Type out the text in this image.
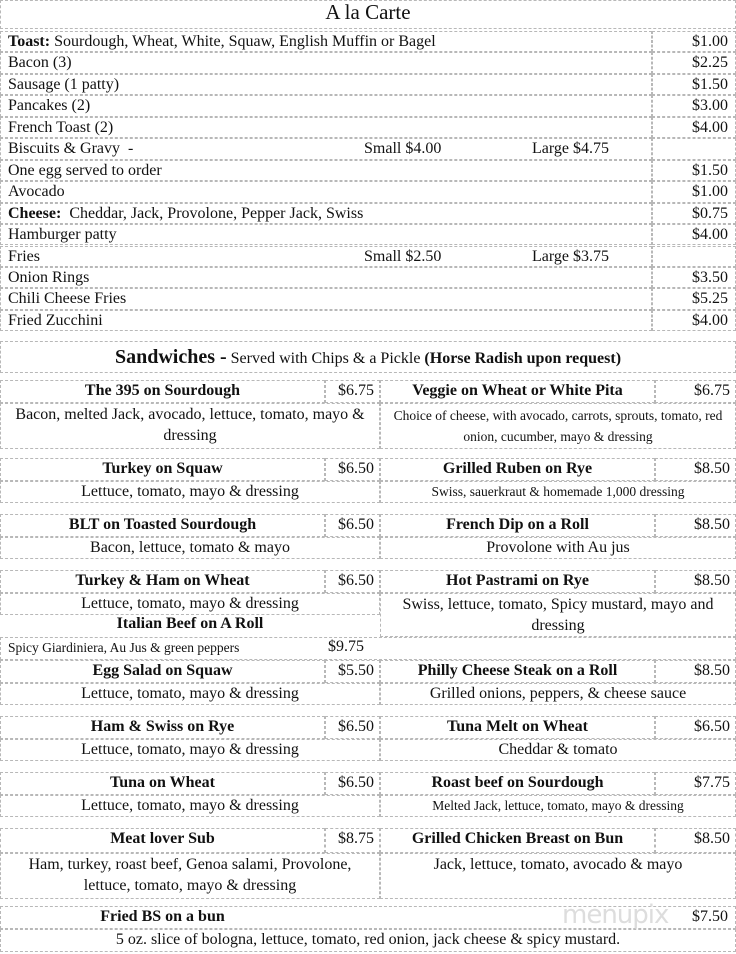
A la Carte
Toast: Sourdough, Wheat, White, Squaw, English Muffin or Bagel	$1.00
Bacon (3)	$2.25
Sausage (1 patty)	$1.50
Pancakes (2)	$3.00
French Toast (2)	$4.00
Biscuits & Gravy  -	Small $4.00	Large $4.75
One egg served to order	$1.50
Avocado	$1.00
Cheese:  Cheddar, Jack, Provolone, Pepper Jack, Swiss	$0.75
Hamburger patty	$4.00
Fries	Small $2.50	Large $3.75
Onion Rings	$3.50
Chili Cheese Fries	$5.25
Fried Zucchini	$4.00
Sandwiches - Served with Chips & a Pickle (Horse Radish upon request)
The 395 on Sourdough	$6.75
Bacon, melted Jack, avocado, lettuce, tomato, mayo & dressing
Veggie on Wheat or White Pita	$6.75
Choice of cheese, with avocado, carrots, sprouts, tomato, red onion, cucumber, mayo & dressing
Turkey on Squaw	$6.50
Lettuce, tomato, mayo & dressing
Grilled Ruben on Rye	$8.50
Swiss, sauerkraut & homemade 1,000 dressing
BLT on Toasted Sourdough	$6.50
Bacon, lettuce, tomato & mayo
French Dip on a Roll	$8.50
Provolone with Au jus
Turkey & Ham on Wheat	$6.50
Lettuce, tomato, mayo & dressing
Hot Pastrami on Rye	$8.50
Swiss, lettuce, tomato, Spicy mustard, mayo and dressing
Egg Salad on Squaw	$5.50
Lettuce, tomato, mayo & dressing
Philly Cheese Steak on a Roll	$8.50
Grilled onions, peppers, & cheese sauce
Ham & Swiss on Rye	$6.50
Lettuce, tomato, mayo & dressing
Tuna Melt on Wheat	$6.50
Cheddar & tomato
Tuna on Wheat	$6.50
Lettuce, tomato, mayo & dressing
Roast beef on Sourdough	$7.75
Melted Jack, lettuce, tomato, mayo & dressing
Meat lover Sub	$8.75
Ham, turkey, roast beef, Genoa salami, Provolone, lettuce, tomato, mayo & dressing
Grilled Chicken Breast on Bun	$8.50
Jack, lettuce, tomato, avocado & mayo
Italian Beef on A Roll
Spicy Giardiniera, Au Jus & green peppers	$9.75
Fried BS on a bun	$7.50
5 oz. slice of bologna, lettuce, tomato, red onion, jack cheese & spicy mustard.
menupix
